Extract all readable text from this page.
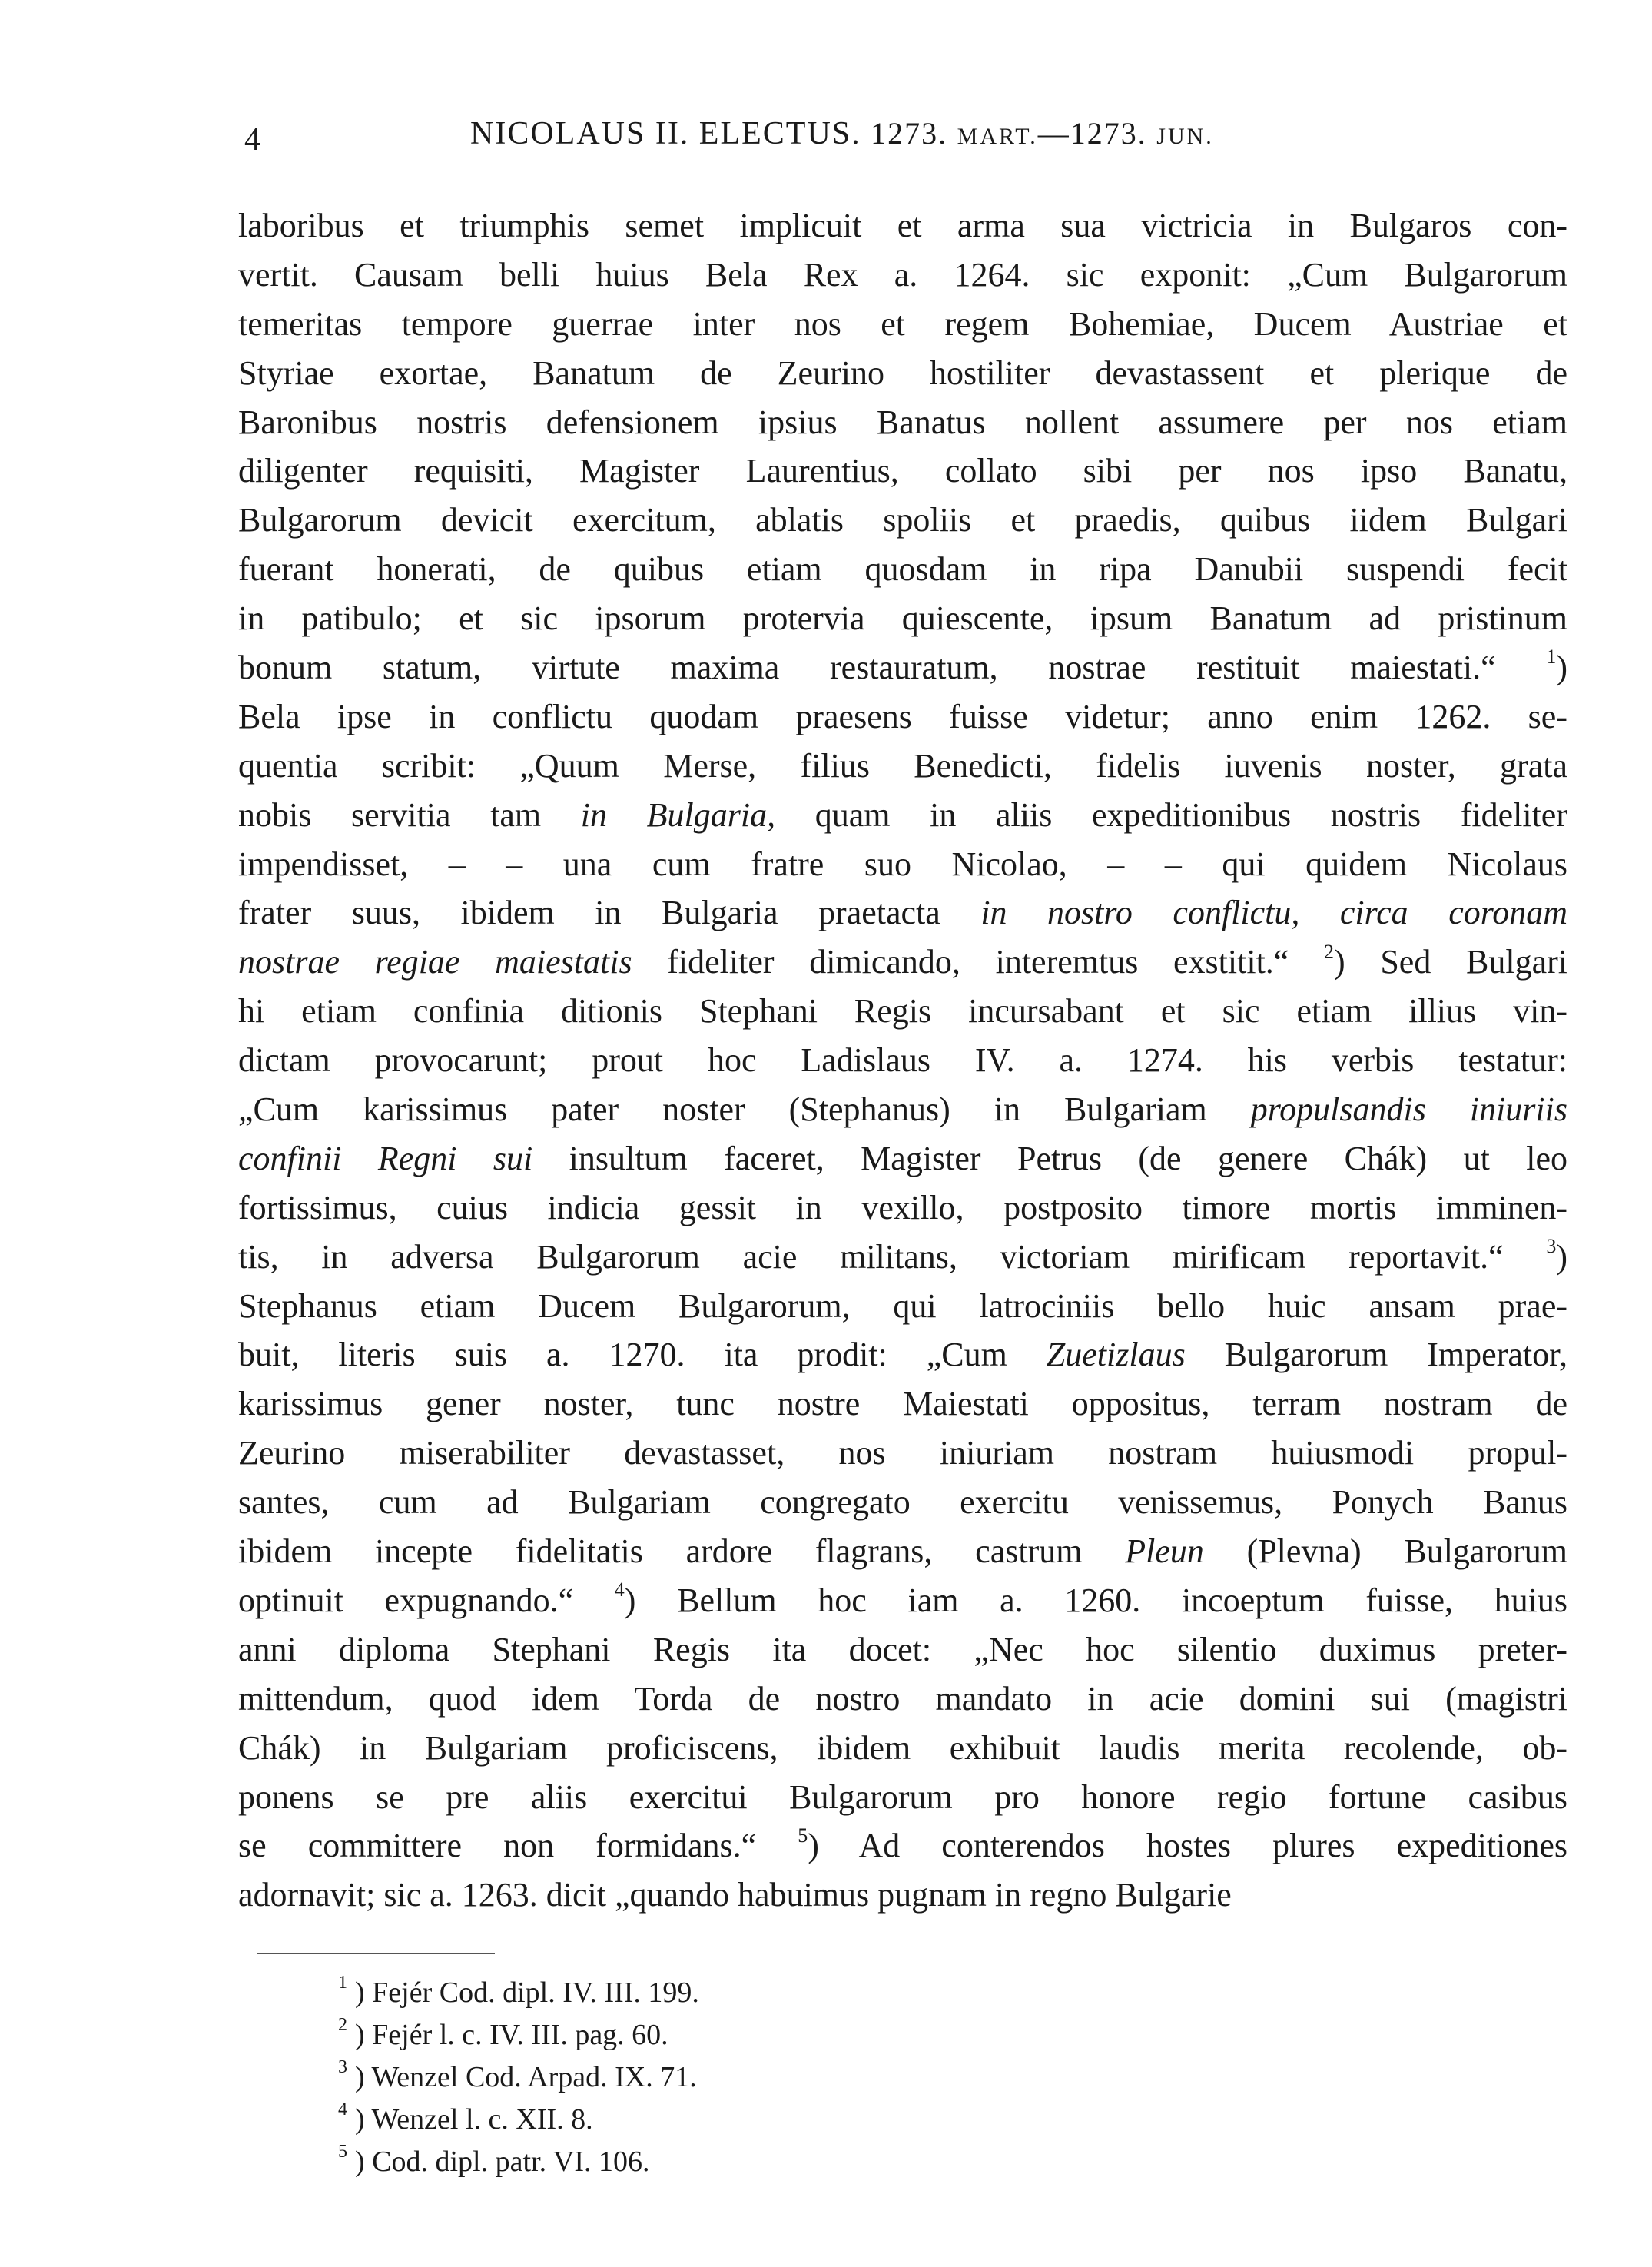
4	NICOLAUS II. ELECTUS. 1273. MART.—1273. JUN.
laboribus et triumphis semet implicuit et arma sua victricia in Bulgaros con-
vertit. Causam belli huius Bela Rex a. 1264. sic exponit: „Cum Bulgarorum
temeritas tempore guerrae inter nos et regem Bohemiae, Ducem Austriae et
Styriae exortae, Banatum de Zeurino hostiliter devastassent et plerique de
Baronibus nostris defensionem ipsius Banatus nollent assumere per nos etiam
diligenter requisiti, Magister Laurentius, collato sibi per nos ipso Banatu,
Bulgarorum devicit exercitum, ablatis spoliis et praedis, quibus iidem Bulgari
fuerant honerati, de quibus etiam quosdam in ripa Danubii suspendi fecit
in patibulo; et sic ipsorum protervia quiescente, ipsum Banatum ad pristinum
bonum statum, virtute maxima restauratum, nostrae restituit maiestati.“ $^1$)
Bela ipse in conflictu quodam praesens fuisse videtur; anno enim 1262. se-
quentia scribit: „Quum Merse, filius Benedicti, fidelis iuvenis noster, grata
nobis servitia tam in Bulgaria, quam in aliis expeditionibus nostris fideliter
impendisset, – – una cum fratre suo Nicolao, – – qui quidem Nicolaus
frater suus, ibidem in Bulgaria praetacta in nostro conflictu, circa coronam
nostrae regiae maiestatis fideliter dimicando, interemtus exstitit.“ $^2$) Sed Bulgari
hi etiam confinia ditionis Stephani Regis incursabant et sic etiam illius vin-
dictam provocarunt; prout hoc Ladislaus IV. a. 1274. his verbis testatur:
„Cum karissimus pater noster (Stephanus) in Bulgariam propulsandis iniuriis
confinii Regni sui insultum faceret, Magister Petrus (de genere Chák) ut leo
fortissimus, cuius indicia gessit in vexillo, postposito timore mortis imminen-
tis, in adversa Bulgarorum acie militans, victoriam mirificam reportavit.“ $^3$)
Stephanus etiam Ducem Bulgarorum, qui latrociniis bello huic ansam prae-
buit, literis suis a. 1270. ita prodit: „Cum Zuetizlaus Bulgarorum Imperator,
karissimus gener noster, tunc nostre Maiestati oppositus, terram nostram de
Zeurino miserabiliter devastasset, nos iniuriam nostram huiusmodi propul-
santes, cum ad Bulgariam congregato exercitu venissemus, Ponych Banus
ibidem incepte fidelitatis ardore flagrans, castrum Pleun (Plevna) Bulgarorum
optinuit expugnando.“ $^4$) Bellum hoc iam a. 1260. incoeptum fuisse, huius
anni diploma Stephani Regis ita docet: „Nec hoc silentio duximus preter-
mittendum, quod idem Torda de nostro mandato in acie domini sui (magistri
Chák) in Bulgariam proficiscens, ibidem exhibuit laudis merita recolende, ob-
ponens se pre aliis exercitui Bulgarorum pro honore regio fortune casibus
se committere non formidans.“ $^5$) Ad conterendos hostes plures expeditiones
adornavit; sic a. 1263. dicit „quando habuimus pugnam in regno Bulgarie
$^1$ ) Fejér Cod. dipl. IV. III. 199.
$^2$ ) Fejér l. c. IV. III. pag. 60.
$^3$ ) Wenzel Cod. Arpad. IX. 71.
$^4$ ) Wenzel l. c. XII. 8.
$^5$ ) Cod. dipl. patr. VI. 106.
